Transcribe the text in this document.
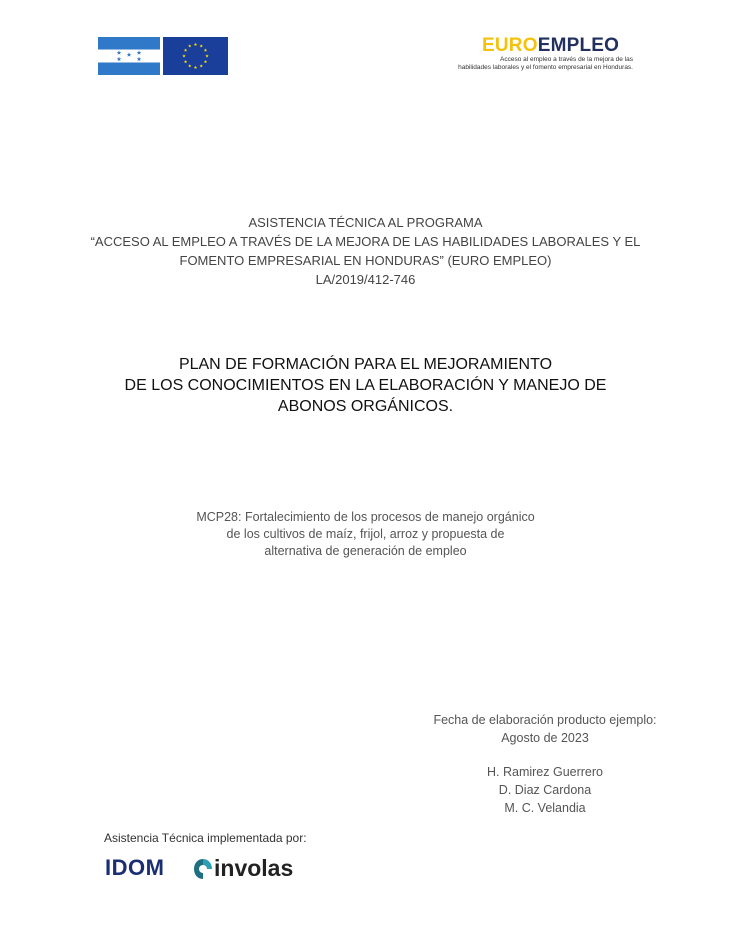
EUROEMPLEO
Acceso al empleo a través de la mejora de las
habilidades laborales y el fomento empresarial en Honduras.
ASISTENCIA TÉCNICA AL PROGRAMA
“ACCESO AL EMPLEO A TRAVÉS DE LA MEJORA DE LAS HABILIDADES LABORALES Y EL
FOMENTO EMPRESARIAL EN HONDURAS” (EURO EMPLEO)
LA/2019/412-746
PLAN DE FORMACIÓN PARA EL MEJORAMIENTO
DE LOS CONOCIMIENTOS EN LA ELABORACIÓN Y MANEJO DE
ABONOS ORGÁNICOS.
MCP28: Fortalecimiento de los procesos de manejo orgánico
de los cultivos de maíz, frijol, arroz y propuesta de
alternativa de generación de empleo
Fecha de elaboración producto ejemplo:
Agosto de 2023
H. Ramirez Guerrero
D. Diaz Cardona
M. C. Velandia
Asistencia Técnica implementada por:
IDOM involas
